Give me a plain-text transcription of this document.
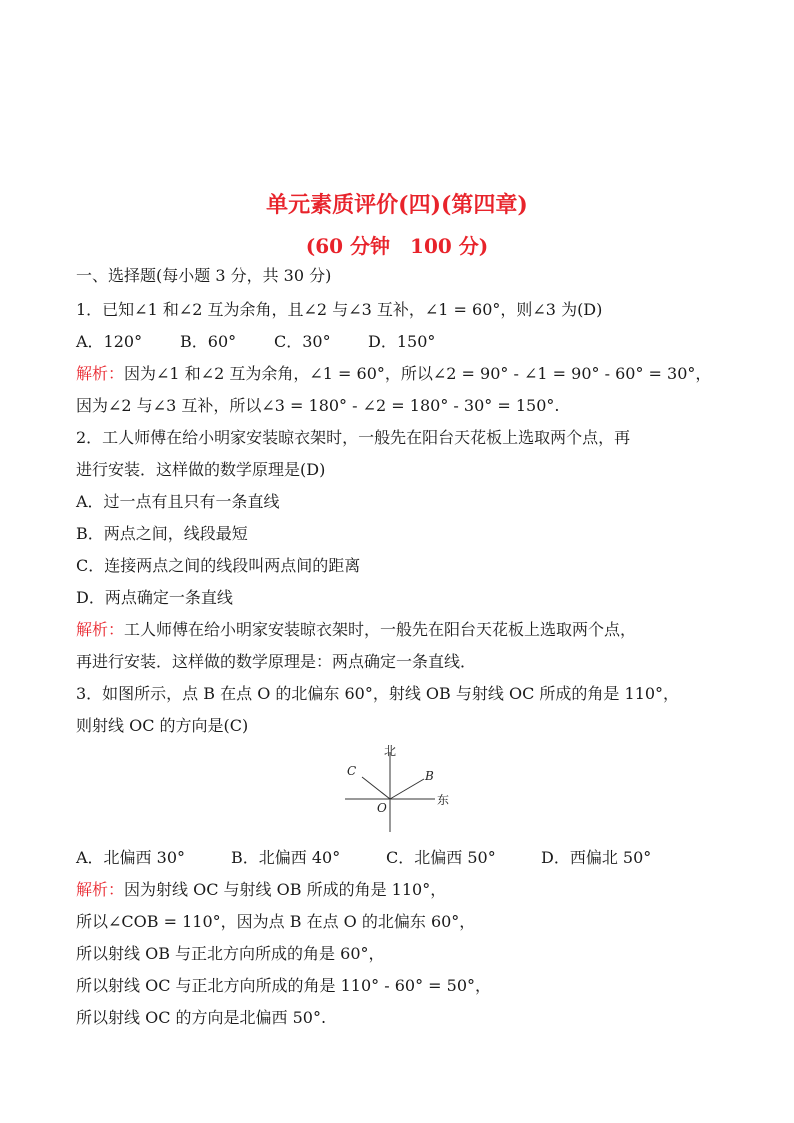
单元素质评价(四)(第四章)
(60 分钟　100 分)

一、选择题(每小题 3 分，共 30 分)

1．已知∠1 和∠2 互为余角，且∠2 与∠3 互补，∠1 = 60°，则∠3 为(D)

A．120° B．60° C．30° D．150°

解析：因为∠1 和∠2 互为余角，∠1 = 60°，所以∠2 = 90° - ∠1 = 90° - 60° = 30°，

因为∠2 与∠3 互补，所以∠3 = 180° - ∠2 = 180° - 30° = 150°.

2．工人师傅在给小明家安装晾衣架时，一般先在阳台天花板上选取两个点，再

进行安装．这样做的数学原理是(D)

A．过一点有且只有一条直线

B．两点之间，线段最短

C．连接两点之间的线段叫两点间的距离

D．两点确定一条直线

解析：工人师傅在给小明家安装晾衣架时，一般先在阳台天花板上选取两个点，

再进行安装．这样做的数学原理是：两点确定一条直线．

3．如图所示，点 B 在点 O 的北偏东 60°，射线 OB 与射线 OC 所成的角是 110°，

则射线 OC 的方向是(C)

北
东
O
B
C

A．北偏西 30°	B．北偏西 40°	C．北偏西 50°	D．西偏北 50°

解析：因为射线 OC 与射线 OB 所成的角是 110°，

所以∠COB = 110°，因为点 B 在点 O 的北偏东 60°，

所以射线 OB 与正北方向所成的角是 60°，

所以射线 OC 与正北方向所成的角是 110° - 60° = 50°，

所以射线 OC 的方向是北偏西 50°.
